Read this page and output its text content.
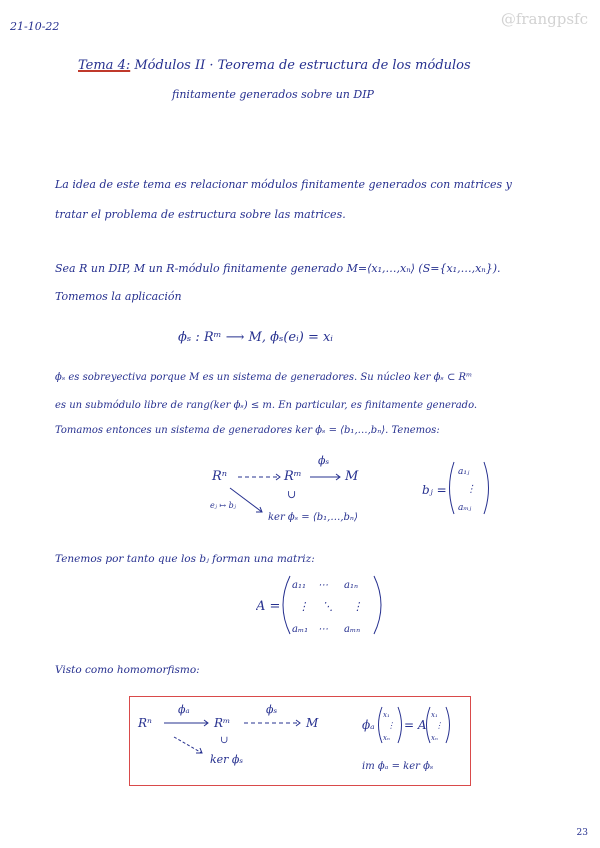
21-10-22	@frangpsfc
Tema 4: Módulos II · Teorema de estructura de los módulos
finitamente generados sobre un DIP
La idea de este tema es relacionar módulos finitamente generados con matrices y
tratar el problema de estructura sobre las matrices.
Sea R un DIP, M un R-módulo finitamente generado M=⟨x₁,…,xₙ⟩ (S={x₁,…,xₙ}).
Tomemos la aplicación
ϕₛ : Rᵐ ⟶ M, ϕₛ(eᵢ) = xᵢ
ϕₛ es sobreyectiva porque M es un sistema de generadores. Su núcleo ker ϕₛ ⊂ Rᵐ
es un submódulo libre de rang(ker ϕₛ) ≤ m. En particular, es finitamente generado.
Tomamos entonces un sistema de generadores ker ϕₛ = ⟨b₁,…,bₙ⟩. Tenemos:
Rⁿ	Rᵐ
ϕₛ
M
∪
eⱼ ↦ bⱼ
ker ϕₛ = ⟨b₁,…,bₙ⟩
bⱼ =
a₁ⱼ
⋮
aₘⱼ
Tenemos por tanto que los bⱼ forman una matriz:
A =
a₁₁ ⋯ a₁ₙ
⋮ ⋱ ⋮
aₘ₁ ⋯ aₘₙ
Visto como homomorfismo:
Rⁿ
ϕₐ
Rᵐ
ϕₛ
M
∪
ker ϕₛ
ϕₐ
x₁
⋮
xₙ
= A
x₁
⋮
xₙ
im ϕₐ = ker ϕₛ
23
